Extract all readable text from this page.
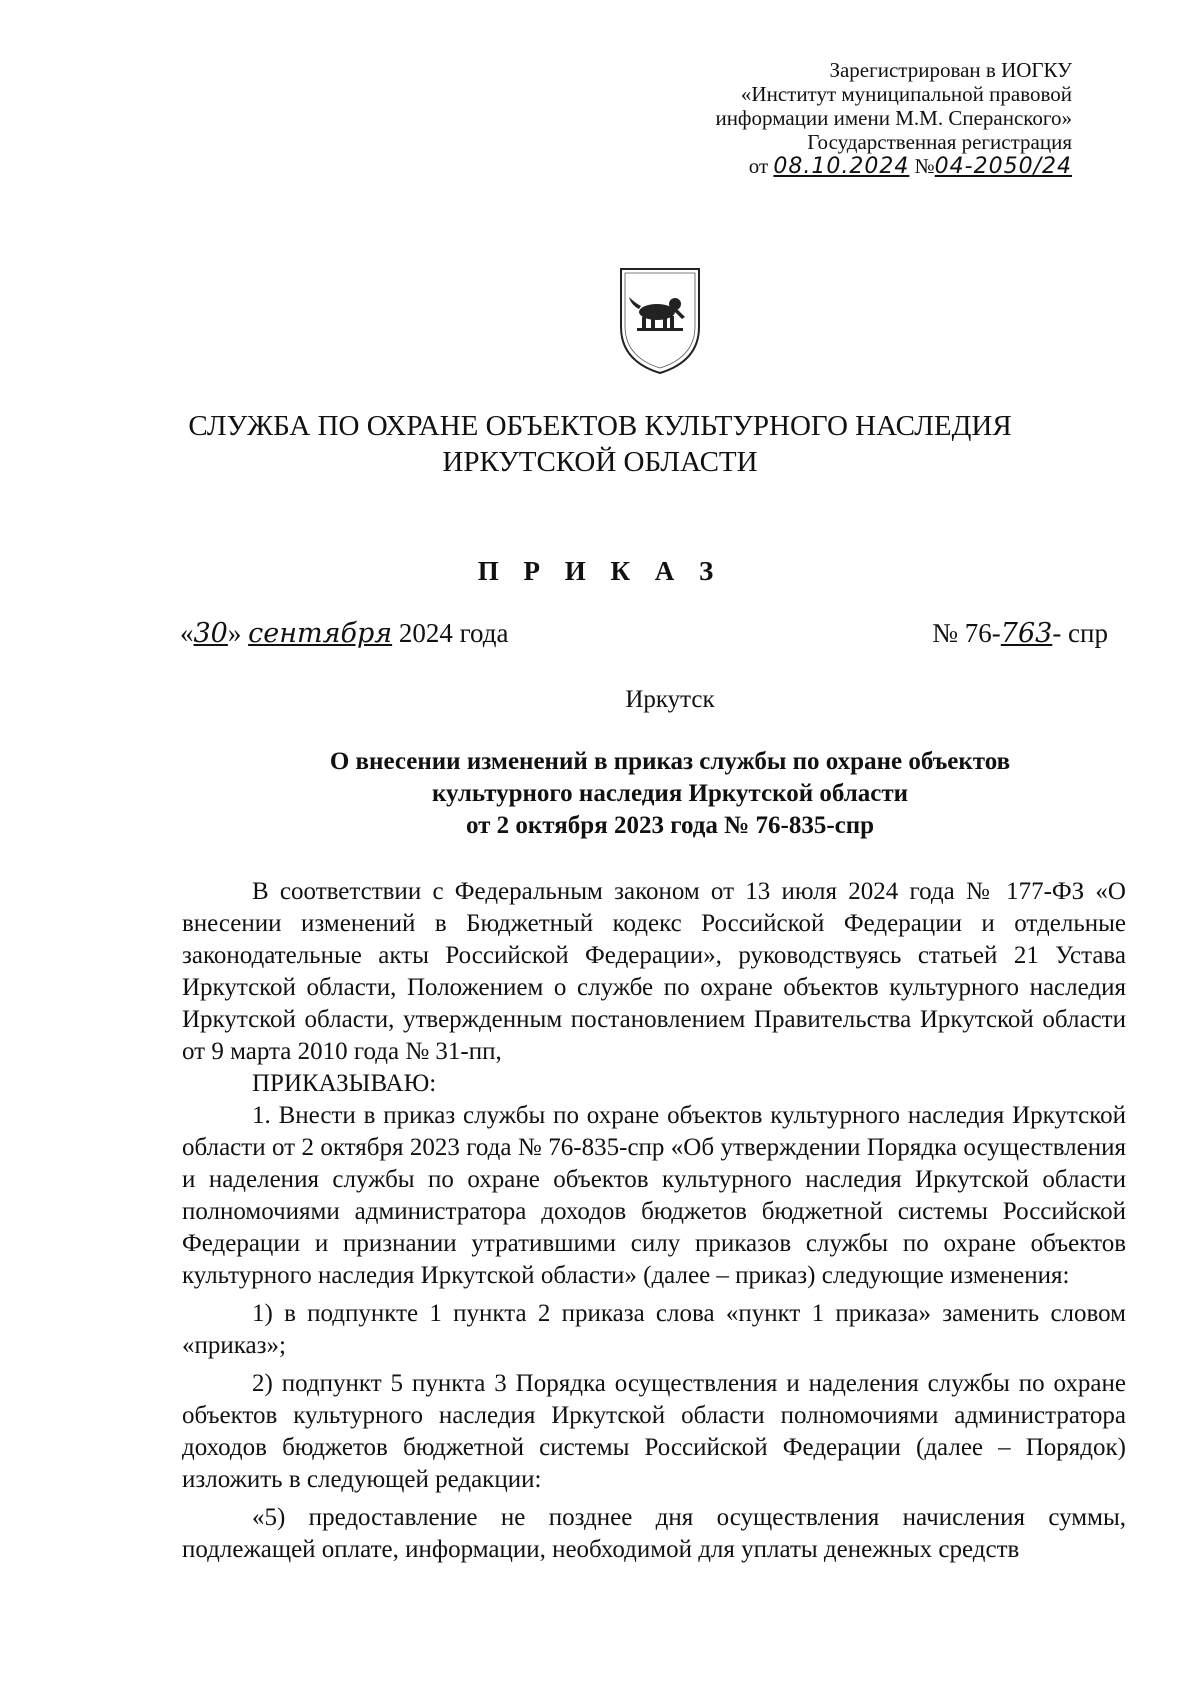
Зарегистрирован в ИОГКУ
«Институт муниципальной правовой
информации имени М.М. Сперанского»
Государственная регистрация
от 08.10.2024 №04-2050/24
СЛУЖБА ПО ОХРАНЕ ОБЪЕКТОВ КУЛЬТУРНОГО НАСЛЕДИЯ
ИРКУТСКОЙ ОБЛАСТИ
П Р И К А З
«30» сентября 2024 года	№ 76-763- спр
Иркутск
О внесении изменений в приказ службы по охране объектов
культурного наследия Иркутской области
от 2 октября 2023 года № 76-835-спр

В соответствии с Федеральным законом от 13 июля 2024 года № 177-ФЗ «О внесении изменений в Бюджетный кодекс Российской Федерации и отдельные законодательные акты Российской Федерации», руководствуясь статьей 21 Устава Иркутской области, Положением о службе по охране объектов культурного наследия Иркутской области, утвержденным постановлением Правительства Иркутской области от 9 марта 2010 года № 31-пп,

ПРИКАЗЫВАЮ:

1. Внести в приказ службы по охране объектов культурного наследия Иркутской области от 2 октября 2023 года № 76-835-спр «Об утверждении Порядка осуществления и наделения службы по охране объектов культурного наследия Иркутской области полномочиями администратора доходов бюджетов бюджетной системы Российской Федерации и признании утратившими силу приказов службы по охране объектов культурного наследия Иркутской области» (далее – приказ) следующие изменения:

1) в подпункте 1 пункта 2 приказа слова «пункт 1 приказа» заменить словом «приказ»;

2) подпункт 5 пункта 3 Порядка осуществления и наделения службы по охране объектов культурного наследия Иркутской области полномочиями администратора доходов бюджетов бюджетной системы Российской Федерации (далее – Порядок) изложить в следующей редакции:

«5) предоставление не позднее дня осуществления начисления суммы, подлежащей оплате, информации, необходимой для уплаты денежных средств
